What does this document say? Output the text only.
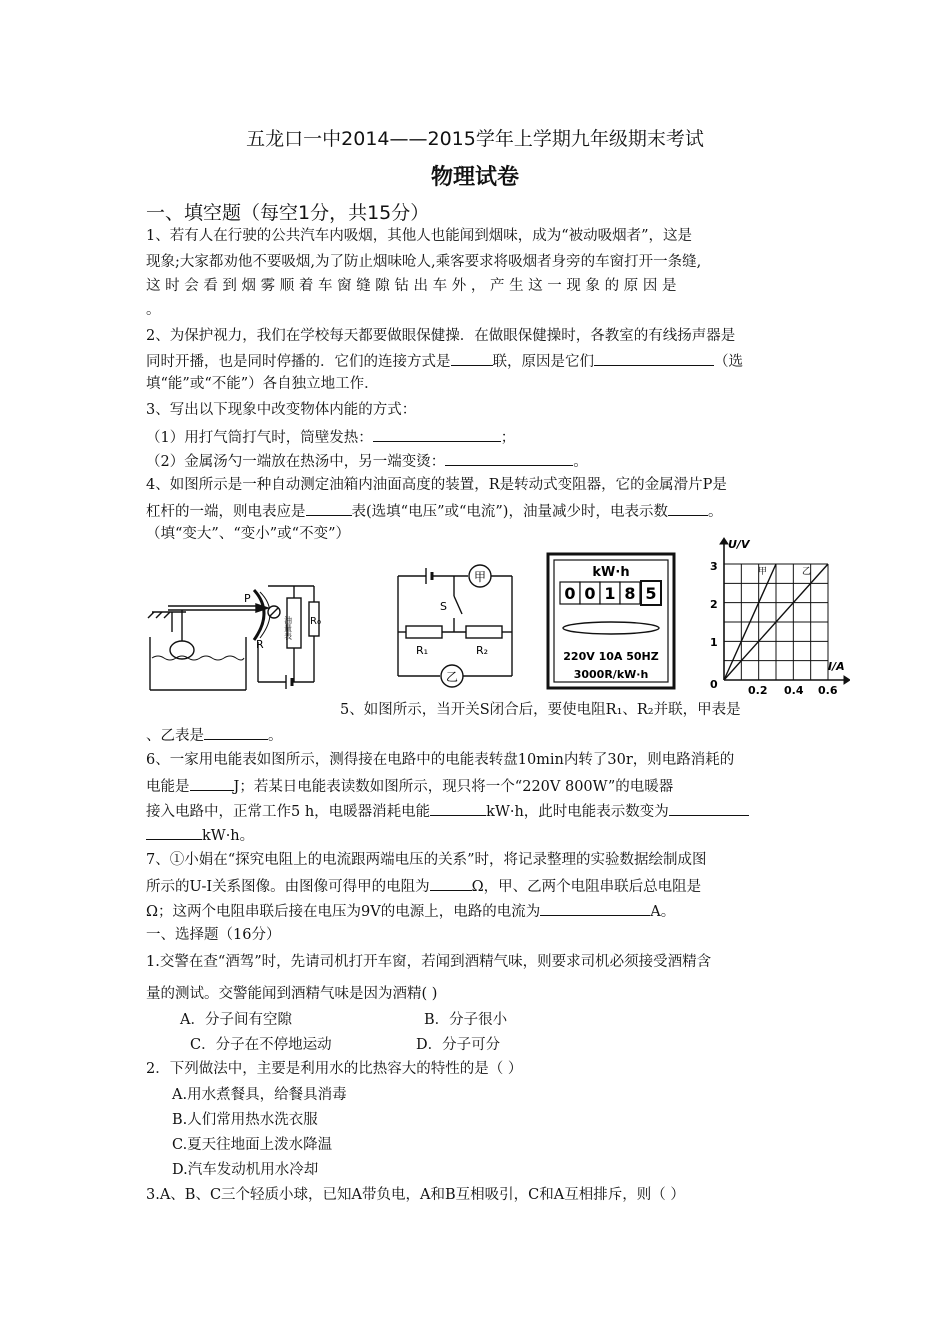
五龙口一中2014——2015学年上学期九年级期末考试
物理试卷
一、填空题（每空1分，共15分）
1、若有人在行驶的公共汽车内吸烟，其他人也能闻到烟味，成为“被动吸烟者”，这是
现象;大家都劝他不要吸烟,为了防止烟味呛人,乘客要求将吸烟者身旁的车窗打开一条缝,
这 时 会 看 到 烟 雾 顺 着 车 窗 缝 隙 钻 出 车 外 ， 产 生 这 一 现 象 的 原 因 是
。
2、为保护视力，我们在学校每天都要做眼保健操．在做眼保健操时，各教室的有线扬声器是
同时开播，也是同时停播的．它们的连接方式是	联，原因是它们	（选
填“能”或“不能”）各自独立地工作．
3、写出以下现象中改变物体内能的方式：
（1）用打气筒打气时，筒壁发热：	；
（2）金属汤勺一端放在热汤中，另一端变烫：	。
4、如图所示是一种自动测定油箱内油面高度的装置，R是转动式变阻器，它的金属滑片P是
杠杆的一端，则电表应是	表(选填“电压”或“电流”)，油量减少时，电表示数	。
（填“变大”、“变小”或“不变”）
P
R
油量表 R₀
甲
乙
S
R₁	R₂
kW·h
0 0 1 8 5
220V 10A 50HZ
3000R/kW·h
U/V
I/A
0
1
2
3
0.2 0.4 0.6
甲	乙
5、如图所示，当开关S闭合后，要使电阻R₁、R₂并联，甲表是
、乙表是	。
6、一家用电能表如图所示，测得接在电路中的电能表转盘10min内转了30r，则电路消耗的
电能是	J；若某日电能表读数如图所示，现只将一个“220V 800W”的电暖器
接入电路中，正常工作5 h，电暖器消耗电能	kW·h，此时电能表示数变为
kW·h。
7、①小娟在“探究电阻上的电流跟两端电压的关系”时，将记录整理的实验数据绘制成图
所示的U-I关系图像。由图像可得甲的电阻为	Ω，甲、乙两个电阻串联后总电阻是
Ω；这两个电阻串联后接在电压为9V的电源上，电路的电流为	A。
一、选择题（16分）
1.交警在查“酒驾”时，先请司机打开车窗，若闻到酒精气味，则要求司机必须接受酒精含
量的测试。交警能闻到酒精气味是因为酒精( )
A．分子间有空隙	B．分子很小
C．分子在不停地运动	D．分子可分
2．下列做法中，主要是利用水的比热容大的特性的是（ ）
A.用水煮餐具，给餐具消毒
B.人们常用热水洗衣服
C.夏天往地面上泼水降温
D.汽车发动机用水冷却
3.A、B、C三个轻质小球，已知A带负电，A和B互相吸引，C和A互相排斥，则（ ）
